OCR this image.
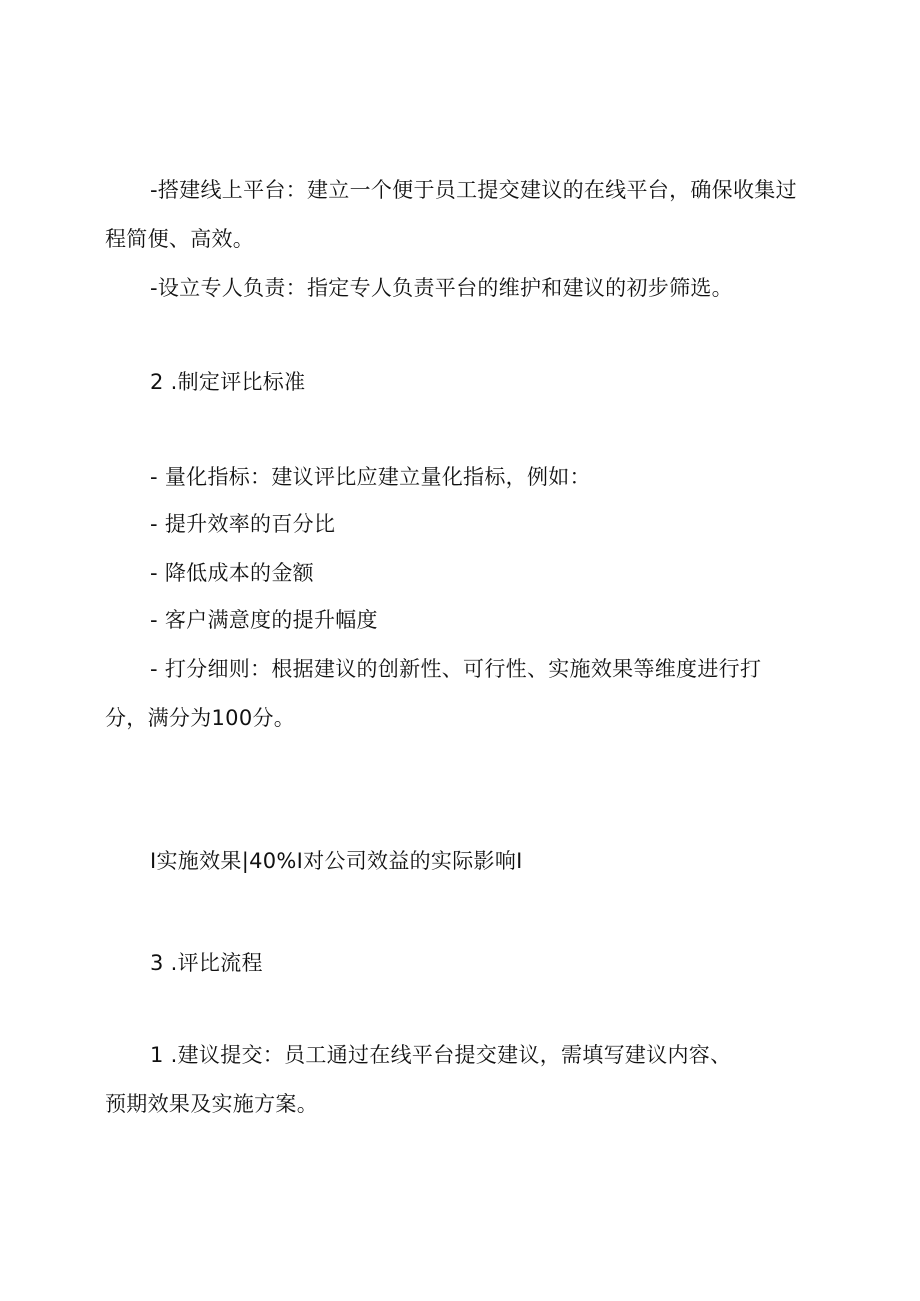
-搭建线上平台：建立一个便于员工提交建议的在线平台，确保收集过
程简便、高效。
-设立专人负责：指定专人负责平台的维护和建议的初步筛选。
2 .制定评比标准
- 量化指标：建议评比应建立量化指标，例如：
- 提升效率的百分比
- 降低成本的金额
- 客户满意度的提升幅度
- 打分细则：根据建议的创新性、可行性、实施效果等维度进行打
分，满分为100分。
I实施效果|40%I对公司效益的实际影响I
3 .评比流程
1 .建议提交：员工通过在线平台提交建议，需填写建议内容、
预期效果及实施方案。
